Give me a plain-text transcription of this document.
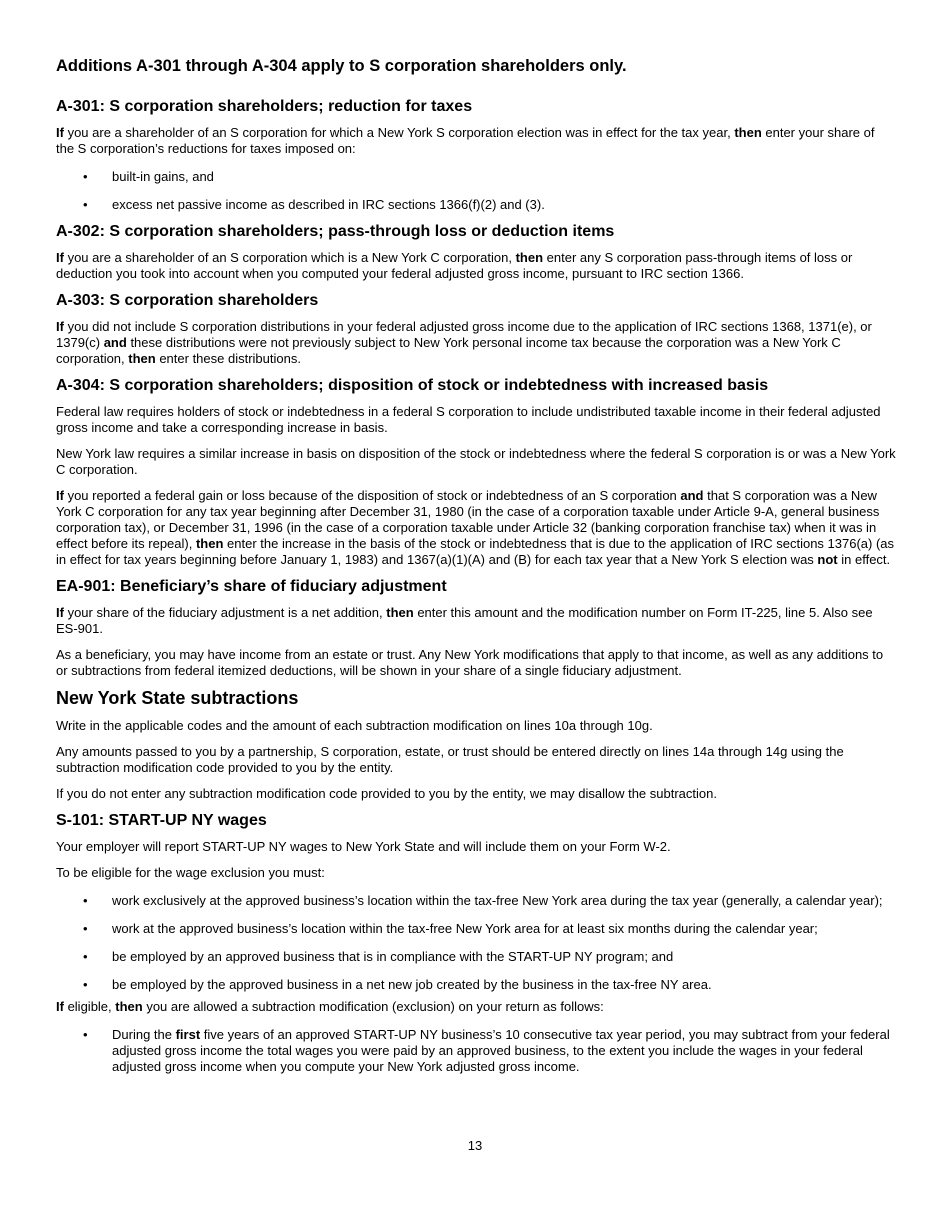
Additions A-301 through A-304 apply to S corporation shareholders only.
A-301: S corporation shareholders; reduction for taxes

If you are a shareholder of an S corporation for which a New York S corporation election was in effect for the tax year, then enter your share of the S corporation’s reductions for taxes imposed on:

• built-in gains, and
• excess net passive income as described in IRC sections 1366(f)(2) and (3).
A-302: S corporation shareholders; pass-through loss or deduction items

If you are a shareholder of an S corporation which is a New York C corporation, then enter any S corporation pass-through items of loss or deduction you took into account when you computed your federal adjusted gross income, pursuant to IRC section 1366.

A-303: S corporation shareholders

If you did not include S corporation distributions in your federal adjusted gross income due to the application of IRC sections 1368, 1371(e), or 1379(c) and these distributions were not previously subject to New York personal income tax because the corporation was a New York C corporation, then enter these distributions.

A-304: S corporation shareholders; disposition of stock or indebtedness with increased basis

Federal law requires holders of stock or indebtedness in a federal S corporation to include undistributed taxable income in their federal adjusted gross income and take a corresponding increase in basis.

New York law requires a similar increase in basis on disposition of the stock or indebtedness where the federal S corporation is or was a New York C corporation.

If you reported a federal gain or loss because of the disposition of stock or indebtedness of an S corporation and that S corporation was a New York C corporation for any tax year beginning after December 31, 1980 (in the case of a corporation taxable under Article 9-A, general business corporation tax), or December 31, 1996 (in the case of a corporation taxable under Article 32 (banking corporation franchise tax) when it was in effect before its repeal), then enter the increase in the basis of the stock or indebtedness that is due to the application of IRC sections 1376(a) (as in effect for tax years beginning before January 1, 1983) and 1367(a)(1)(A) and (B) for each tax year that a New York S election was not in effect.

EA-901: Beneficiary’s share of fiduciary adjustment

If your share of the fiduciary adjustment is a net addition, then enter this amount and the modification number on Form IT-225, line 5. Also see ES-901.

As a beneficiary, you may have income from an estate or trust. Any New York modifications that apply to that income, as well as any additions to or subtractions from federal itemized deductions, will be shown in your share of a single fiduciary adjustment.

New York State subtractions

Write in the applicable codes and the amount of each subtraction modification on lines 10a through 10g.

Any amounts passed to you by a partnership, S corporation, estate, or trust should be entered directly on lines 14a through 14g using the subtraction modification code provided to you by the entity.

If you do not enter any subtraction modification code provided to you by the entity, we may disallow the subtraction.

S-101: START-UP NY wages

Your employer will report START-UP NY wages to New York State and will include them on your Form W-2.

To be eligible for the wage exclusion you must:

• work exclusively at the approved business’s location within the tax-free New York area during the tax year (generally, a calendar year);
• work at the approved business’s location within the tax-free New York area for at least six months during the calendar year;
• be employed by an approved business that is in compliance with the START-UP NY program; and
• be employed by the approved business in a net new job created by the business in the tax-free NY area.

If eligible, then you are allowed a subtraction modification (exclusion) on your return as follows:

• During the first five years of an approved START-UP NY business’s 10 consecutive tax year period, you may subtract from your federal adjusted gross income the total wages you were paid by an approved business, to the extent you include the wages in your federal adjusted gross income when you compute your New York adjusted gross income.
13
